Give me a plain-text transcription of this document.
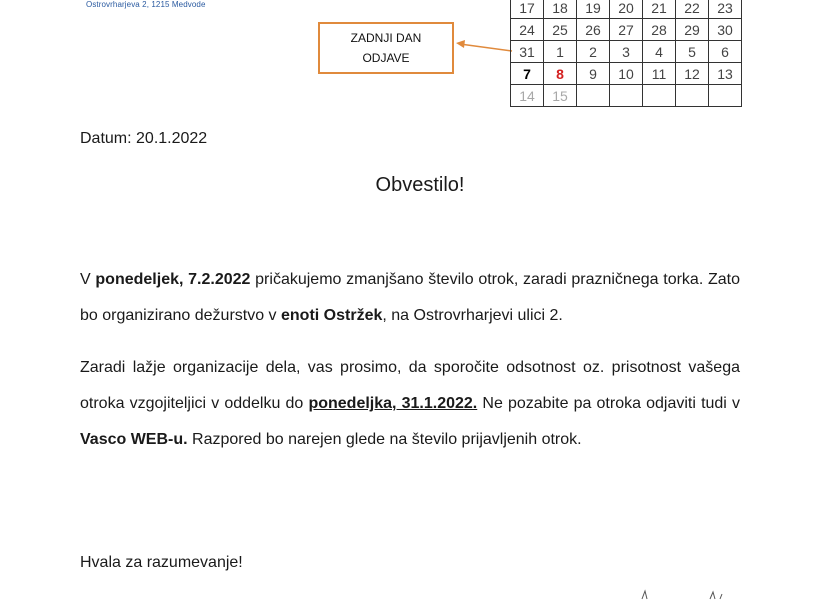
Ostrovrharjeva 2, 1215 Medvode
ZADNJI DAN
ODJAVE
17	18	19	20	21	22	23
24	25	26	27	28	29	30
31	1	2	3	4	5	6
7	8	9	10	11	12	13
14	15					
Datum: 20.1.2022
Obvestilo!
V ponedeljek, 7.2.2022 pričakujemo zmanjšano število otrok, zaradi prazničnega torka. Zato bo organizirano dežurstvo v enoti Ostržek, na Ostrovrharjevi ulici 2.
Zaradi lažje organizacije dela, vas prosimo, da sporočite odsotnost oz. prisotnost vašega otroka vzgojiteljici v oddelku do ponedeljka, 31.1.2022. Ne pozabite pa otroka odjaviti tudi v Vasco WEB-u. Razpored bo narejen glede na število prijavljenih otrok.
Hvala za razumevanje!
